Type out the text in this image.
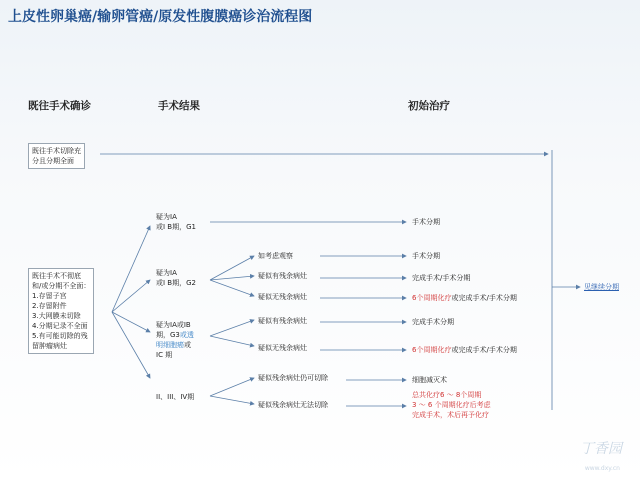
上皮性卵巢癌/输卵管癌/原发性腹膜癌诊治流程图
既往手术确诊	手术结果	初始治疗
既往手术切除充
分且分期全面
既往手术不彻底
和/或分期不全面：
1.存留子宫
2.存留附件
3.大网膜未切除
4.分期记录不全面
5.有可能切除的残
留肿瘤病灶
疑为IA
或I B期，G1
疑为IA
或I B期，G2
疑为IA或IB
期，G3或透
明细胞癌或
IC 期
II、III、IV期
如考虑观察
疑似有残余病灶
疑似无残余病灶
疑似有残余病灶
疑似无残余病灶
疑似残余病灶仍可切除
疑似残余病灶无法切除
手术分期
手术分期
完成手术/手术分期
6个周期化疗或完成手术/手术分期
完成手术分期
6个周期化疗或完成手术/手术分期
细胞减灭术
总共化疗6 ～ 8个周期
3 ～ 6 个周期化疗后考虑
完成手术，术后再予化疗
见继续分期
丁香园
www.dxy.cn
